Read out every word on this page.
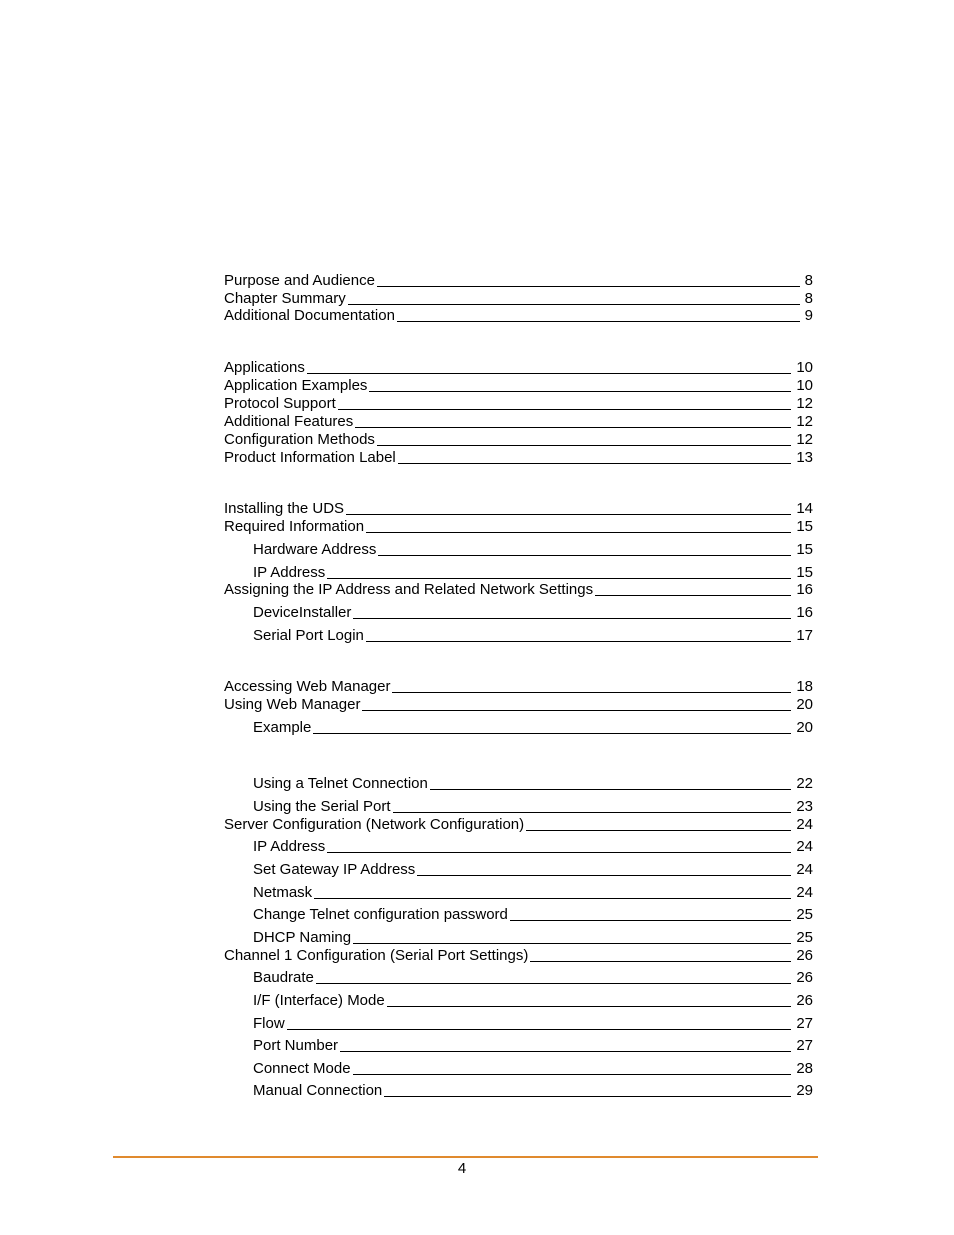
Purpose and Audience	8
Chapter Summary	8
Additional Documentation	9
Applications	10
Application Examples	10
Protocol Support	12
Additional Features	12
Configuration Methods	12
Product Information Label	13
Installing the UDS	14
Required Information	15
Hardware Address	15
IP Address	15
Assigning the IP Address and Related Network Settings	16
DeviceInstaller	16
Serial Port Login	17
Accessing Web Manager	18
Using Web Manager	20
Example	20
Using a Telnet Connection	22
Using the Serial Port	23
Server Configuration (Network Configuration)	24
IP Address	24
Set Gateway IP Address	24
Netmask	24
Change Telnet configuration password	25
DHCP Naming	25
Channel 1 Configuration (Serial Port Settings)	26
Baudrate	26
I/F (Interface) Mode	26
Flow	27
Port Number	27
Connect Mode	28
Manual Connection	29
4
